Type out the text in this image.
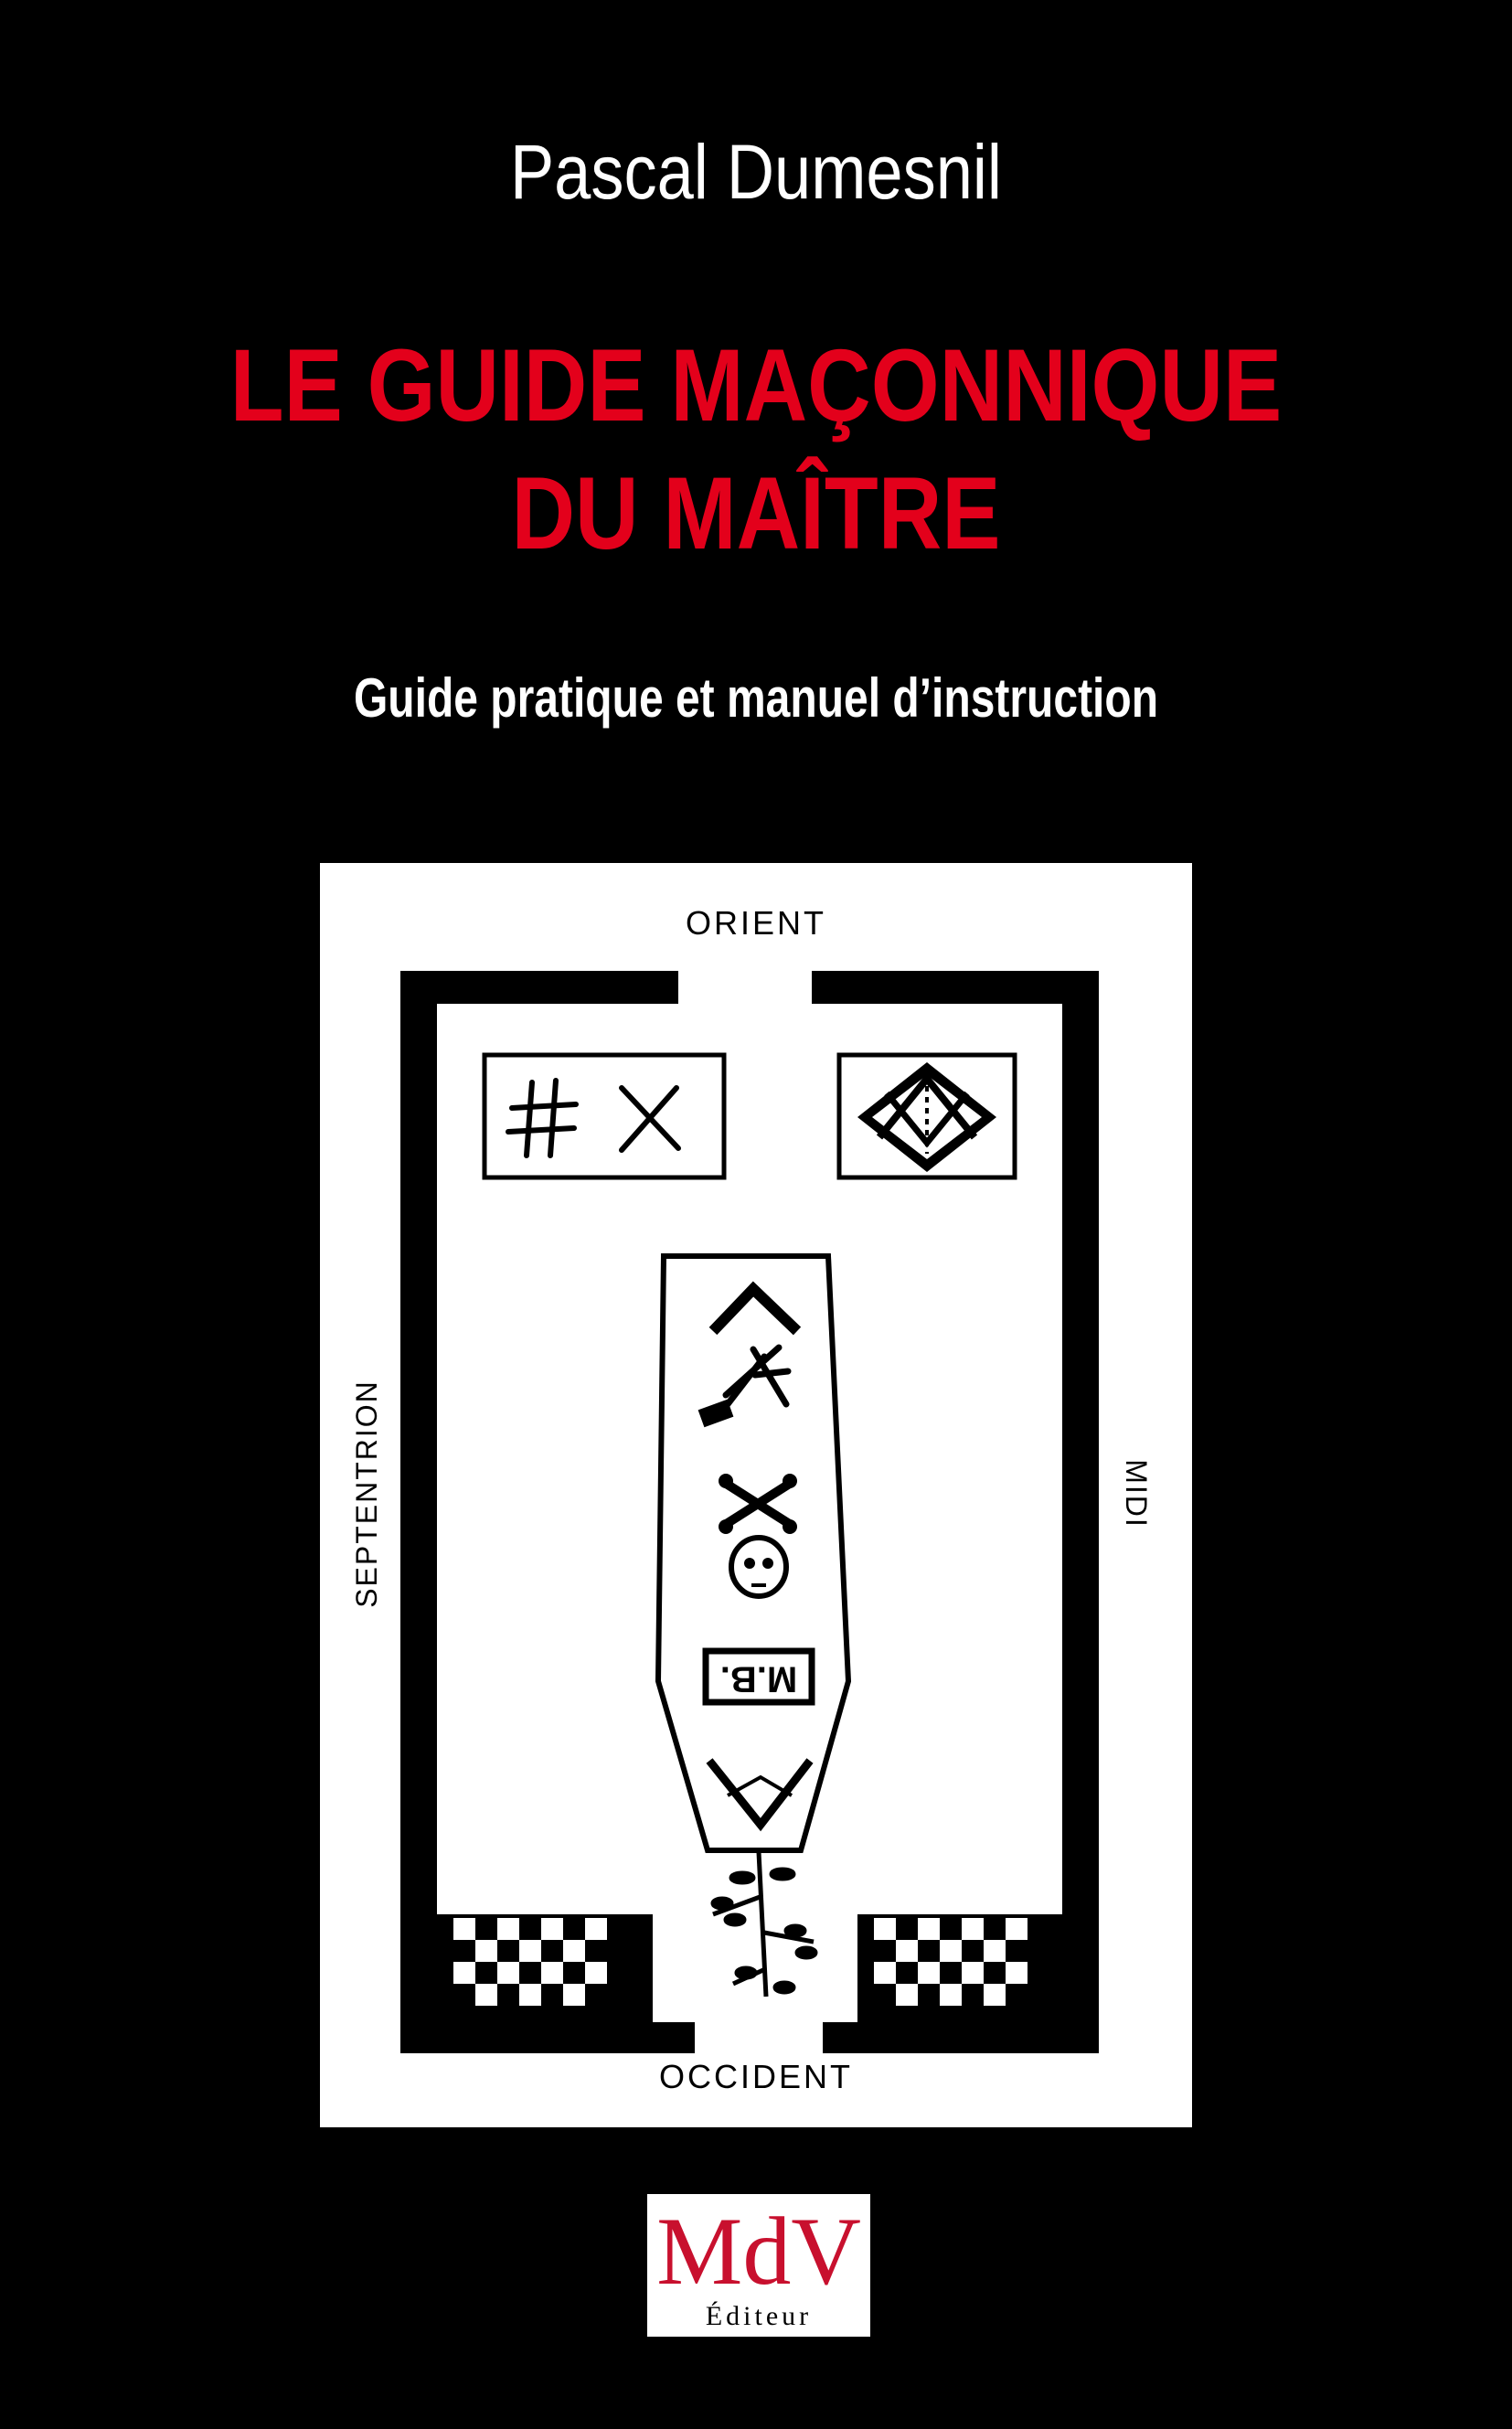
Pascal Dumesnil
LE GUIDE MAÇONNIQUE
DU MAÎTRE
Guide pratique et manuel d’instruction
ORIENT
OCCIDENT
SEPTENTRION	MIDI
M.B.
MdV
Éditeur
